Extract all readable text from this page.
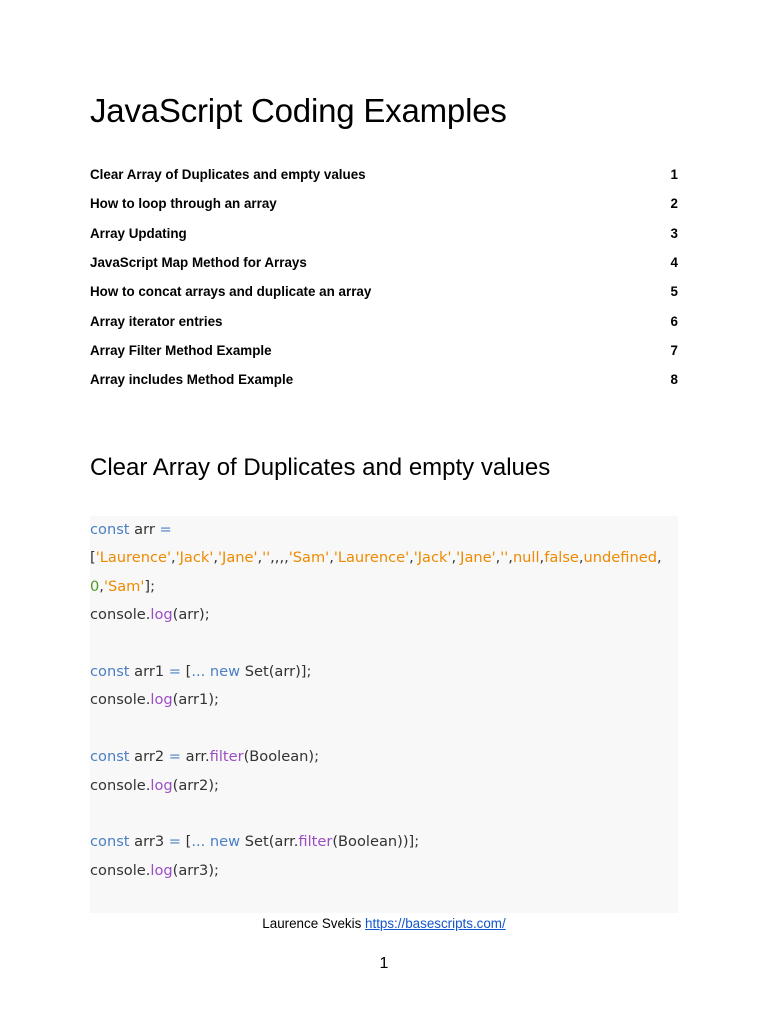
JavaScript Coding Examples
Clear Array of Duplicates and empty values	1
How to loop through an array	2
Array Updating	3
JavaScript Map Method for Arrays	4
How to concat arrays and duplicate an array	5
Array iterator entries	6
Array Filter Method Example	7
Array includes Method Example	8
Clear Array of Duplicates and empty values
const arr =
['Laurence','Jack','Jane','',,,,'Sam','Laurence','Jack','Jane','',null,false,undefined,0,'Sam'];
console.log(arr);
const arr1 = [... new Set(arr)];
console.log(arr1);
const arr2 = arr.filter(Boolean);
console.log(arr2);
const arr3 = [... new Set(arr.filter(Boolean))];
console.log(arr3);
Laurence Svekis https://basescripts.com/
1
